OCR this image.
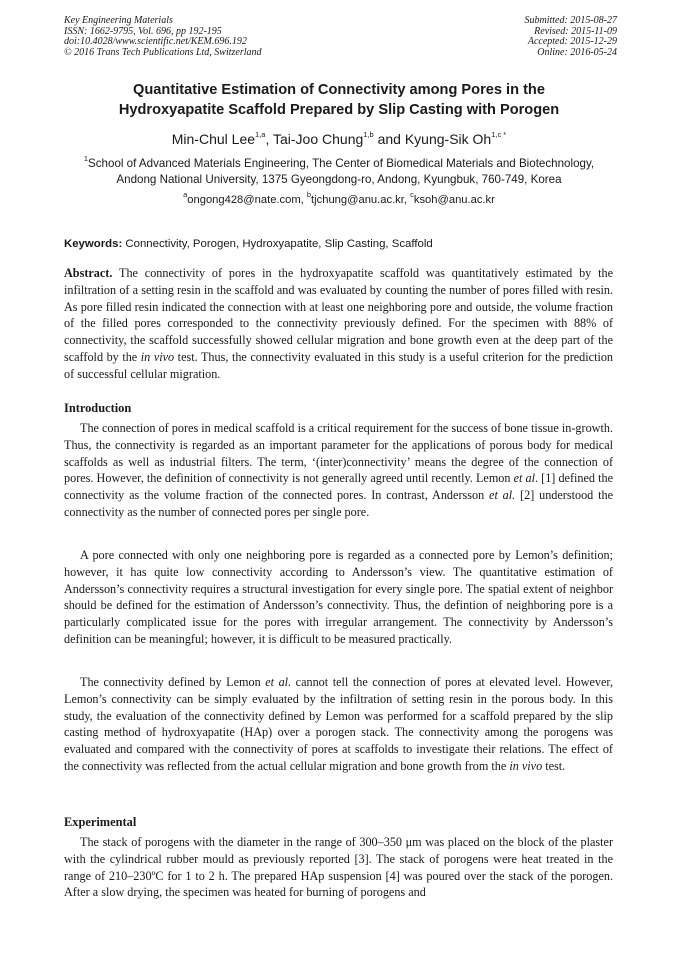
Key Engineering Materials
ISSN: 1662-9795, Vol. 696, pp 192-195
doi:10.4028/www.scientific.net/KEM.696.192
© 2016 Trans Tech Publications Ltd, Switzerland
Submitted: 2015-08-27
Revised: 2015-11-09
Accepted: 2015-12-29
Online: 2016-05-24
Quantitative Estimation of Connectivity among Pores in the
Hydroxyapatite Scaffold Prepared by Slip Casting with Porogen
Min-Chul Lee$^{1,a}$, Tai-Joo Chung$^{1,b}$ and Kyung-Sik $Oh^{1,c *}$
$^1$School of Advanced Materials Engineering, The Center of Biomedical Materials and Biotechnology,
Andong National University, 1375 Gyeongdong-ro, Andong, Kyungbuk, 760-749, Korea
$^a$ongong428@nate.com, $^b$tjchung@anu.ac.kr, $^c$ksoh@anu.ac.kr
Keywords: Connectivity, Porogen, Hydroxyapatite, Slip Casting, Scaffold

Abstract. The connectivity of pores in the hydroxyapatite scaffold was quantitatively estimated by the infiltration of a setting resin in the scaffold and was evaluated by counting the number of pores filled with resin. As pore filled resin indicated the connection with at least one neighboring pore and outside, the volume fraction of the filled pores corresponded to the connectivity previously defined. For the specimen with 88% of connectivity, the scaffold successfully showed cellular migration and bone growth even at the deep part of the scaffold by the in vivo test. Thus, the connectivity evaluated in this study is a useful criterion for the prediction of successful cellular migration.

Introduction

The connection of pores in medical scaffold is a critical requirement for the success of bone tissue in-growth. Thus, the connectivity is regarded as an important parameter for the applications of porous body for medical scaffolds as well as industrial filters. The term, ‘(inter)connectivity’ means the degree of the connection of pores. However, the definition of connectivity is not generally agreed until recently. Lemon et al. [1] defined the connectivity as the volume fraction of the connected pores. In contrast, Andersson et al. [2] understood the connectivity as the number of connected pores per single pore.

A pore connected with only one neighboring pore is regarded as a connected pore by Lemon’s definition; however, it has quite low connectivity according to Andersson’s view. The quantitative estimation of Andersson’s connectivity requires a structural investigation for every single pore. The spatial extent of neighbor should be defined for the estimation of Andersson’s connectivity. Thus, the defintion of neighboring pore is a particularly complicated issue for the pores with irregular arrangement. The connectivity by Andersson’s definition can be meaningful; however, it is difficult to be measured practically.

The connectivity defined by Lemon et al. cannot tell the connection of pores at elevated level. However, Lemon’s connectivity can be simply evaluated by the infiltration of setting resin in the porous body. In this study, the evaluation of the connectivity defined by Lemon was performed for a scaffold prepared by the slip casting method of hydroxyapatite (HAp) over a porogen stack. The connectivity among the porogens was evaluated and compared with the connectivity of pores at scaffolds to investigate their relations. The effect of the connectivity was reflected from the actual cellular migration and bone growth from the in vivo test.

Experimental

The stack of porogens with the diameter in the range of 300–350 μm was placed on the block of the plaster with the cylindrical rubber mould as previously reported [3]. The stack of porogens were heat treated in the range of 210–230ºC for 1 to 2 h. The prepared HAp suspension [4] was poured over the stack of the porogen. After a slow drying, the specimen was heated for burning of porogens and
